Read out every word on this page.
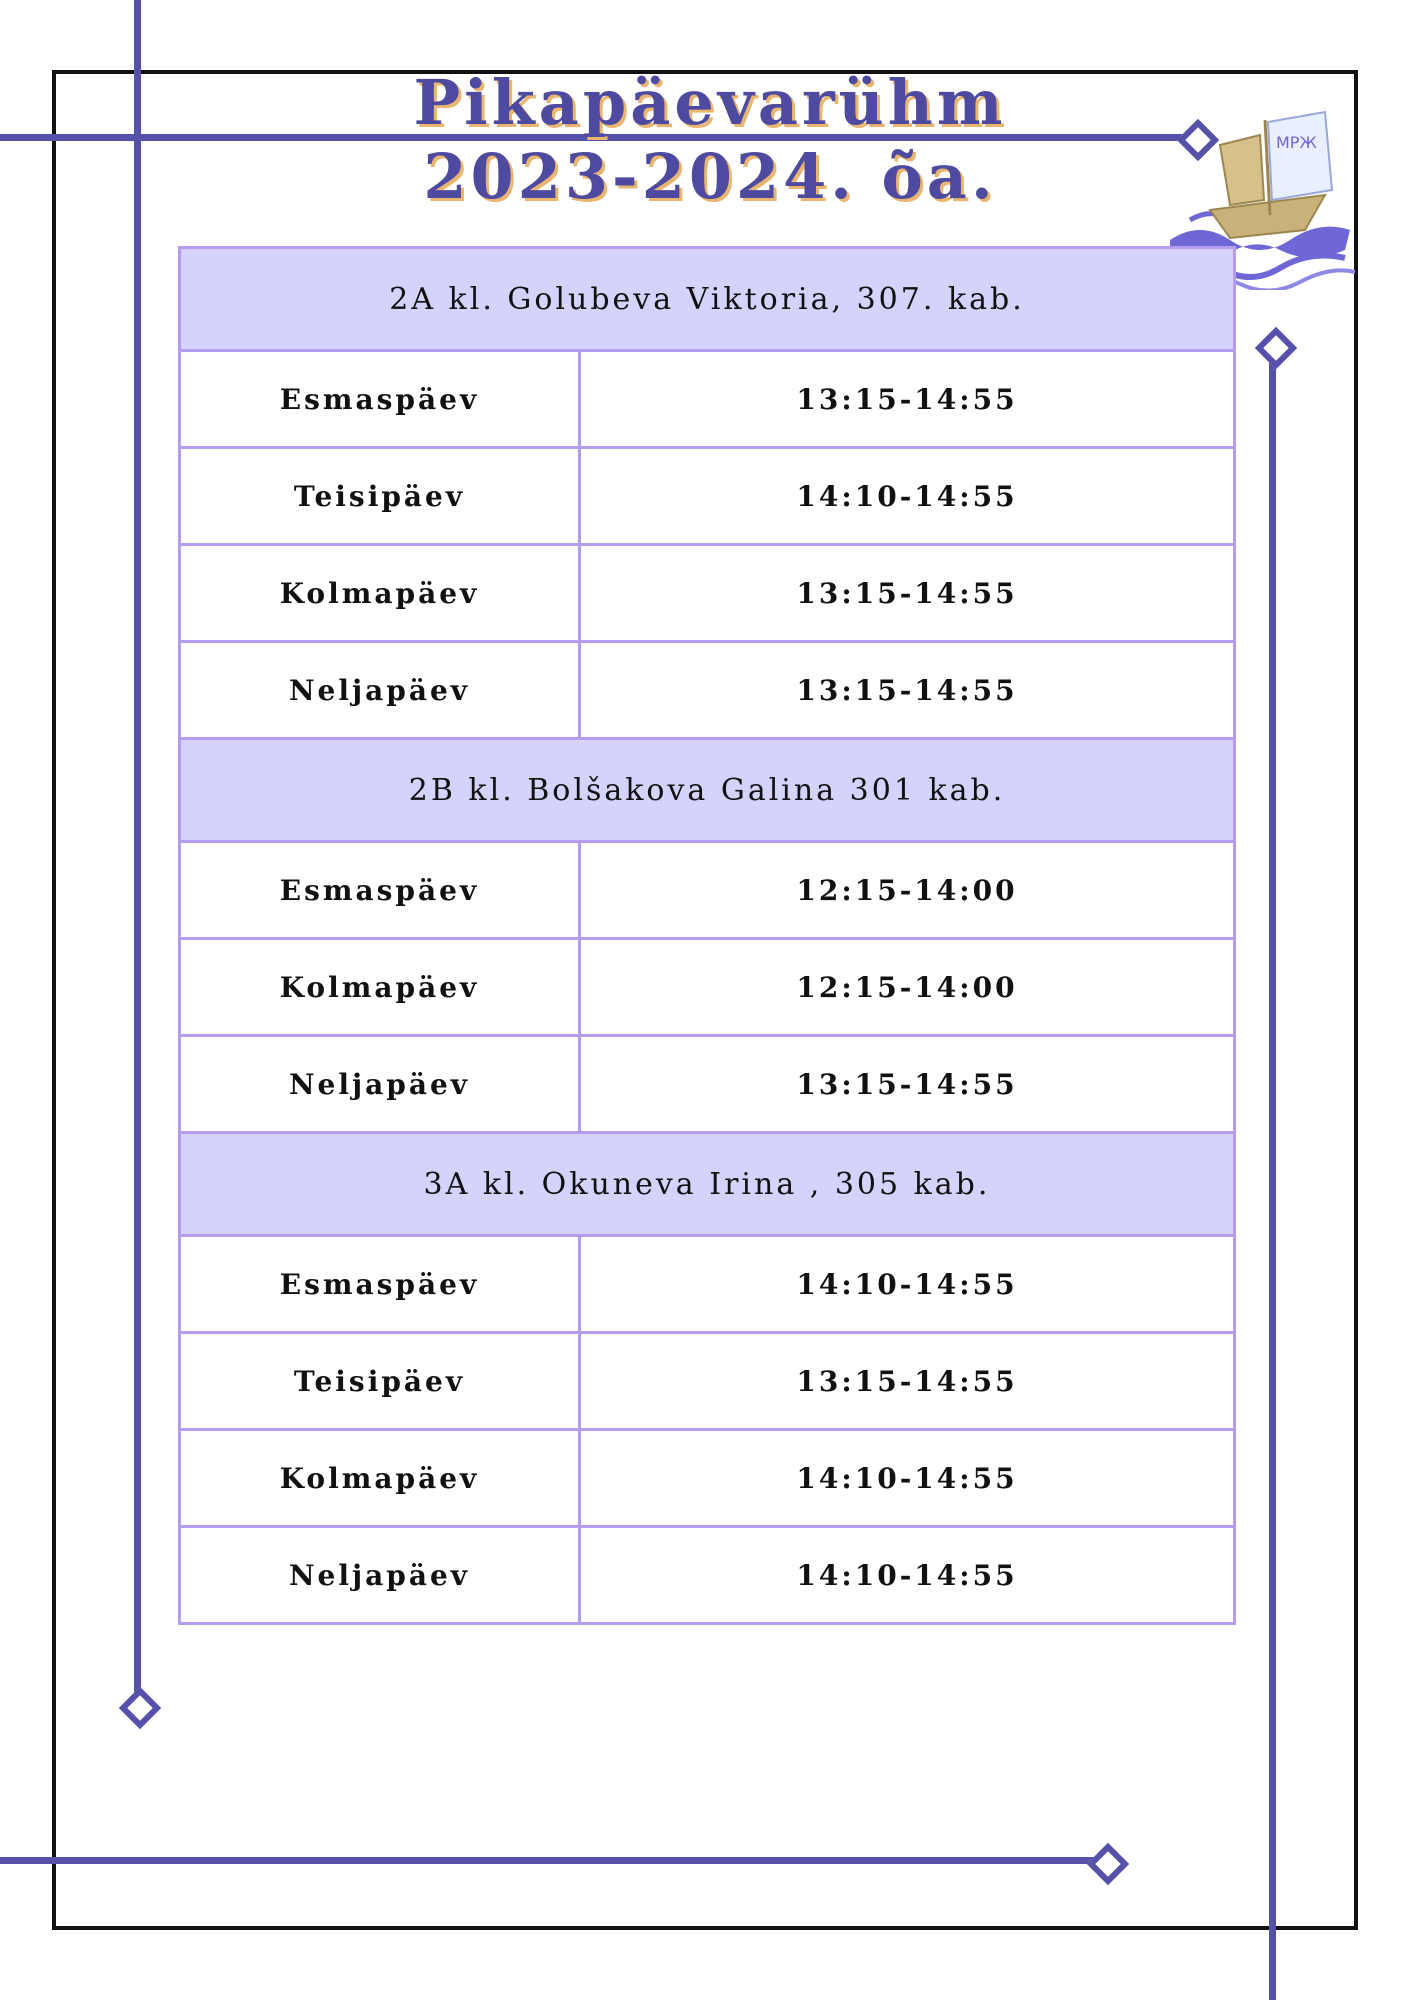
Pikapäevarühm
2023-2024. õa.	МРЖ
2A kl. Golubeva Viktoria, 307. kab.	
Esmaspäev	13:15-14:55
Teisipäev	14:10-14:55
Kolmapäev	13:15-14:55
Neljapäev	13:15-14:55
2B kl. Bolšakova Galina 301 kab.	
Esmaspäev	12:15-14:00
Kolmapäev	12:15-14:00
Neljapäev	13:15-14:55
3A kl. Okuneva Irina , 305 kab.	
Esmaspäev	14:10-14:55
Teisipäev	13:15-14:55
Kolmapäev	14:10-14:55
Neljapäev	14:10-14:55
